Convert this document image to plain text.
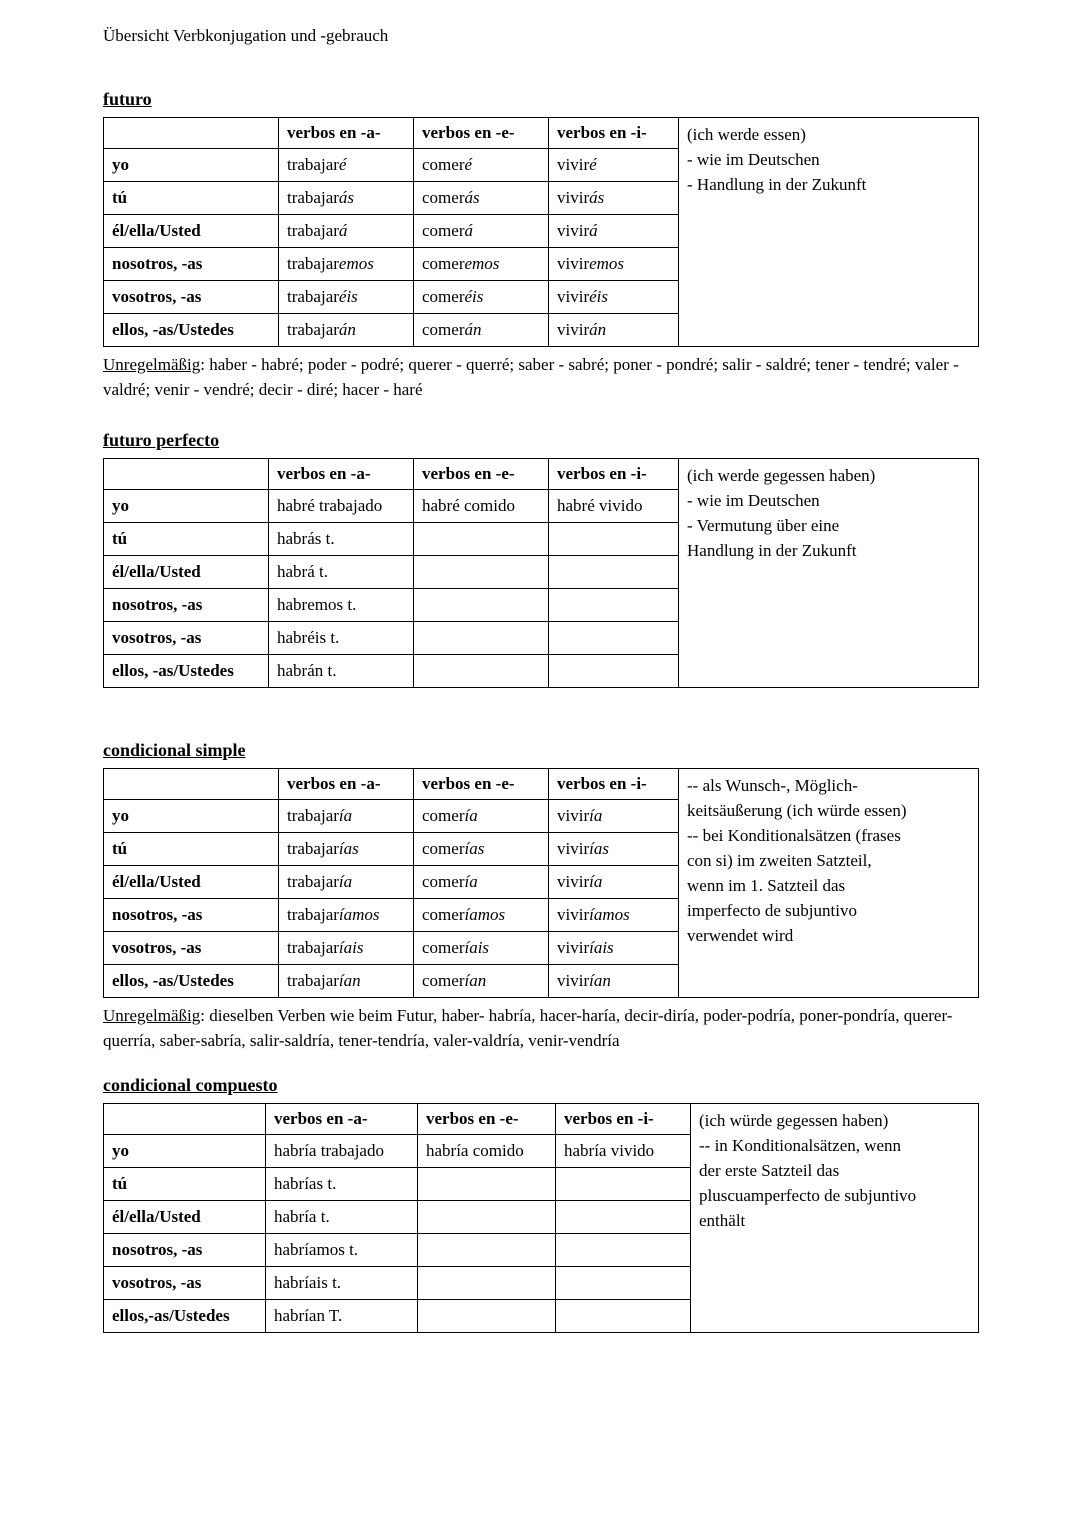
Übersicht Verbkonjugation und -gebrauch

futuro
	verbos en -a-	verbos en -e-	verbos en -i-	(ich werde essen)
- wie im Deutschen
- Handlung in der Zukunft

yo	trabajaré	comeré	viviré	
tú	trabajarás	comerás	vivirás	
él/ella/Usted	trabajará	comerá	vivirá	
nosotros, -as	trabajaremos	comeremos	viviremos	
vosotros, -as	trabajaréis	comeréis	viviréis	
ellos, -as/Ustedes	trabajarán	comerán	vivirán	

Unregelmäßig: haber - habré; poder - podré; querer - querré; saber - sabré; poner - pondré; salir - saldré; tener - tendré; valer - valdré; venir - vendré; decir - diré; hacer - haré

futuro perfecto
	verbos en -a-	verbos en -e-	verbos en -i-	(ich werde gegessen haben)
- wie im Deutschen
- Vermutung über eine
Handlung in der Zukunft

yo	habré trabajado	habré comido	habré vivido	
tú	habrás t.			
él/ella/Usted	habrá t.			
nosotros, -as	habremos t.			
vosotros, -as	habréis t.			
ellos, -as/Ustedes	habrán t.			
condicional simple
	verbos en -a-	verbos en -e-	verbos en -i-	-- als Wunsch-, Möglich-
keitsäußerung (ich würde essen)
-- bei Konditionalsätzen (frases
con si) im zweiten Satzteil,
wenn im 1. Satzteil das
imperfecto de subjuntivo
verwendet wird

yo	trabajaría	comería	viviría	
tú	trabajarías	comerías	vivirías	
él/ella/Usted	trabajaría	comería	viviría	
nosotros, -as	trabajaríamos	comeríamos	viviríamos	
vosotros, -as	trabajaríais	comeríais	viviríais	
ellos, -as/Ustedes	trabajarían	comerían	vivirían	

Unregelmäßig: dieselben Verben wie beim Futur, haber- habría, hacer-haría, decir-diría, poder-podría, poner-pondría, querer- querría, saber-sabría, salir-saldría, tener-tendría, valer-valdría, venir-vendría

condicional compuesto
	verbos en -a-	verbos en -e-	verbos en -i-	(ich würde gegessen haben)
-- in Konditionalsätzen, wenn
der erste Satzteil das
pluscuamperfecto de subjuntivo
enthält

yo	habría trabajado	habría comido	habría vivido	
tú	habrías t.			
él/ella/Usted	habría t.			
nosotros, -as	habríamos t.			
vosotros, -as	habríais t.			
ellos,-as/Ustedes	habrían T.			
